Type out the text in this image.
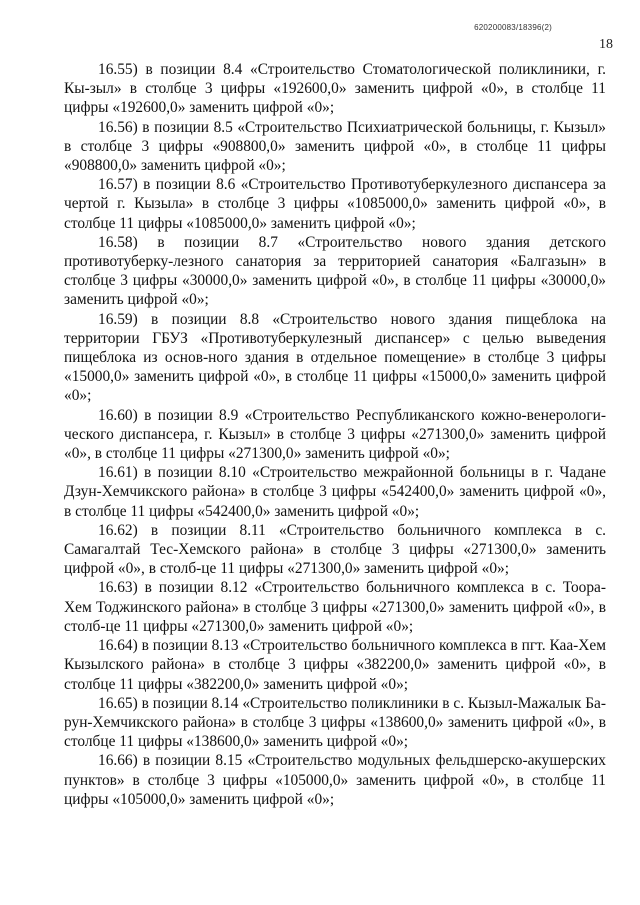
620200083/18396(2)
18

16.55) в позиции 8.4 «Строительство Стоматологической поликлиники, г. Кы-зыл» в столбце 3 цифры «192600,0» заменить цифрой «0», в столбце 11 цифры «192600,0» заменить цифрой «0»;

16.56) в позиции 8.5 «Строительство Психиатрической больницы, г. Кызыл» в столбце 3 цифры «908800,0» заменить цифрой «0», в столбце 11 цифры «908800,0» заменить цифрой «0»;

16.57) в позиции 8.6 «Строительство Противотуберкулезного диспансера за чертой г. Кызыла» в столбце 3 цифры «1085000,0» заменить цифрой «0», в столбце 11 цифры «1085000,0» заменить цифрой «0»;

16.58) в позиции 8.7 «Строительство нового здания детского противотуберку-лезного санатория за территорией санатория «Балгазын» в столбце 3 цифры «30000,0» заменить цифрой «0», в столбце 11 цифры «30000,0» заменить цифрой «0»;

16.59) в позиции 8.8 «Строительство нового здания пищеблока на территории ГБУЗ «Противотуберкулезный диспансер» с целью выведения пищеблока из основ-ного здания в отдельное помещение» в столбце 3 цифры «15000,0» заменить цифрой «0», в столбце 11 цифры «15000,0» заменить цифрой «0»;

16.60) в позиции 8.9 «Строительство Республиканского кожно-венерологи-ческого диспансера, г. Кызыл» в столбце 3 цифры «271300,0» заменить цифрой «0», в столбце 11 цифры «271300,0» заменить цифрой «0»;

16.61) в позиции 8.10 «Строительство межрайонной больницы в г. Чадане Дзун-Хемчикского района» в столбце 3 цифры «542400,0» заменить цифрой «0», в столбце 11 цифры «542400,0» заменить цифрой «0»;

16.62) в позиции 8.11 «Строительство больничного комплекса в с. Самагалтай Тес-Хемского района» в столбце 3 цифры «271300,0» заменить цифрой «0», в столб-це 11 цифры «271300,0» заменить цифрой «0»;

16.63) в позиции 8.12 «Строительство больничного комплекса в с. Тоора-Хем Тоджинского района» в столбце 3 цифры «271300,0» заменить цифрой «0», в столб-це 11 цифры «271300,0» заменить цифрой «0»;

16.64) в позиции 8.13 «Строительство больничного комплекса в пгт. Каа-Хем Кызылского района» в столбце 3 цифры «382200,0» заменить цифрой «0», в столбце 11 цифры «382200,0» заменить цифрой «0»;

16.65) в позиции 8.14 «Строительство поликлиники в с. Кызыл-Мажалык Ба-рун-Хемчикского района» в столбце 3 цифры «138600,0» заменить цифрой «0», в столбце 11 цифры «138600,0» заменить цифрой «0»;

16.66) в позиции 8.15 «Строительство модульных фельдшерско-акушерских пунктов» в столбце 3 цифры «105000,0» заменить цифрой «0», в столбце 11 цифры «105000,0» заменить цифрой «0»;
